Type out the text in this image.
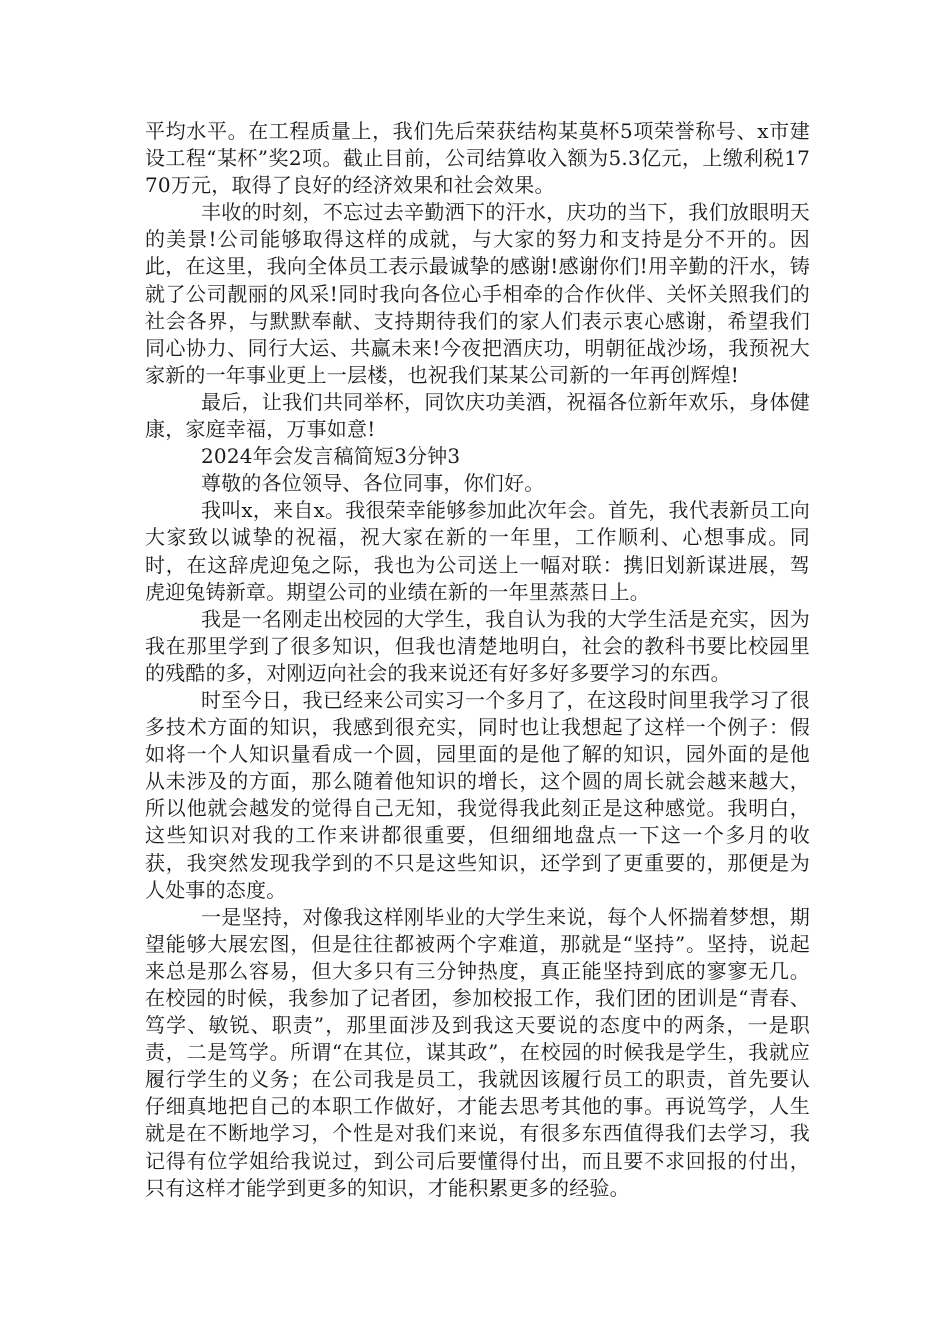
平均水平。在工程质量上，我们先后荣获结构某莫杯5项荣誉称号、x市建设工程“某杯”奖2项。截止目前，公司结算收入额为5.3亿元，上缴利税1770万元，取得了良好的经济效果和社会效果。

丰收的时刻，不忘过去辛勤洒下的汗水，庆功的当下，我们放眼明天的美景!公司能够取得这样的成就，与大家的努力和支持是分不开的。因此，在这里，我向全体员工表示最诚挚的感谢!感谢你们!用辛勤的汗水，铸就了公司靓丽的风采!同时我向各位心手相牵的合作伙伴、关怀关照我们的社会各界，与默默奉献、支持期待我们的家人们表示衷心感谢，希望我们同心协力、同行大运、共赢未来!今夜把酒庆功，明朝征战沙场，我预祝大家新的一年事业更上一层楼，也祝我们某某公司新的一年再创辉煌!

最后，让我们共同举杯，同饮庆功美酒，祝福各位新年欢乐，身体健康，家庭幸福，万事如意!

2024年会发言稿简短3分钟3

尊敬的各位领导、各位同事，你们好。

我叫x，来自x。我很荣幸能够参加此次年会。首先，我代表新员工向大家致以诚挚的祝福，祝大家在新的一年里，工作顺利、心想事成。同时，在这辞虎迎兔之际，我也为公司送上一幅对联：携旧划新谋进展，驾虎迎兔铸新章。期望公司的业绩在新的一年里蒸蒸日上。

我是一名刚走出校园的大学生，我自认为我的大学生活是充实，因为我在那里学到了很多知识，但我也清楚地明白，社会的教科书要比校园里的残酷的多，对刚迈向社会的我来说还有好多好多要学习的东西。

时至今日，我已经来公司实习一个多月了，在这段时间里我学习了很多技术方面的知识，我感到很充实，同时也让我想起了这样一个例子：假如将一个人知识量看成一个圆，园里面的是他了解的知识，园外面的是他从未涉及的方面，那么随着他知识的增长，这个圆的周长就会越来越大，所以他就会越发的觉得自己无知，我觉得我此刻正是这种感觉。我明白，这些知识对我的工作来讲都很重要，但细细地盘点一下这一个多月的收获，我突然发现我学到的不只是这些知识，还学到了更重要的，那便是为人处事的态度。

一是坚持，对像我这样刚毕业的大学生来说，每个人怀揣着梦想，期望能够大展宏图，但是往往都被两个字难道，那就是“坚持”。坚持，说起来总是那么容易，但大多只有三分钟热度，真正能坚持到底的寥寥无几。在校园的时候，我参加了记者团，参加校报工作，我们团的团训是“青春、笃学、敏锐、职责”，那里面涉及到我这天要说的态度中的两条，一是职责，二是笃学。所谓“在其位，谋其政”，在校园的时候我是学生，我就应履行学生的义务；在公司我是员工，我就因该履行员工的职责，首先要认仔细真地把自己的本职工作做好，才能去思考其他的事。再说笃学，人生就是在不断地学习，个性是对我们来说，有很多东西值得我们去学习，我记得有位学姐给我说过，到公司后要懂得付出，而且要不求回报的付出，只有这样才能学到更多的知识，才能积累更多的经验。
